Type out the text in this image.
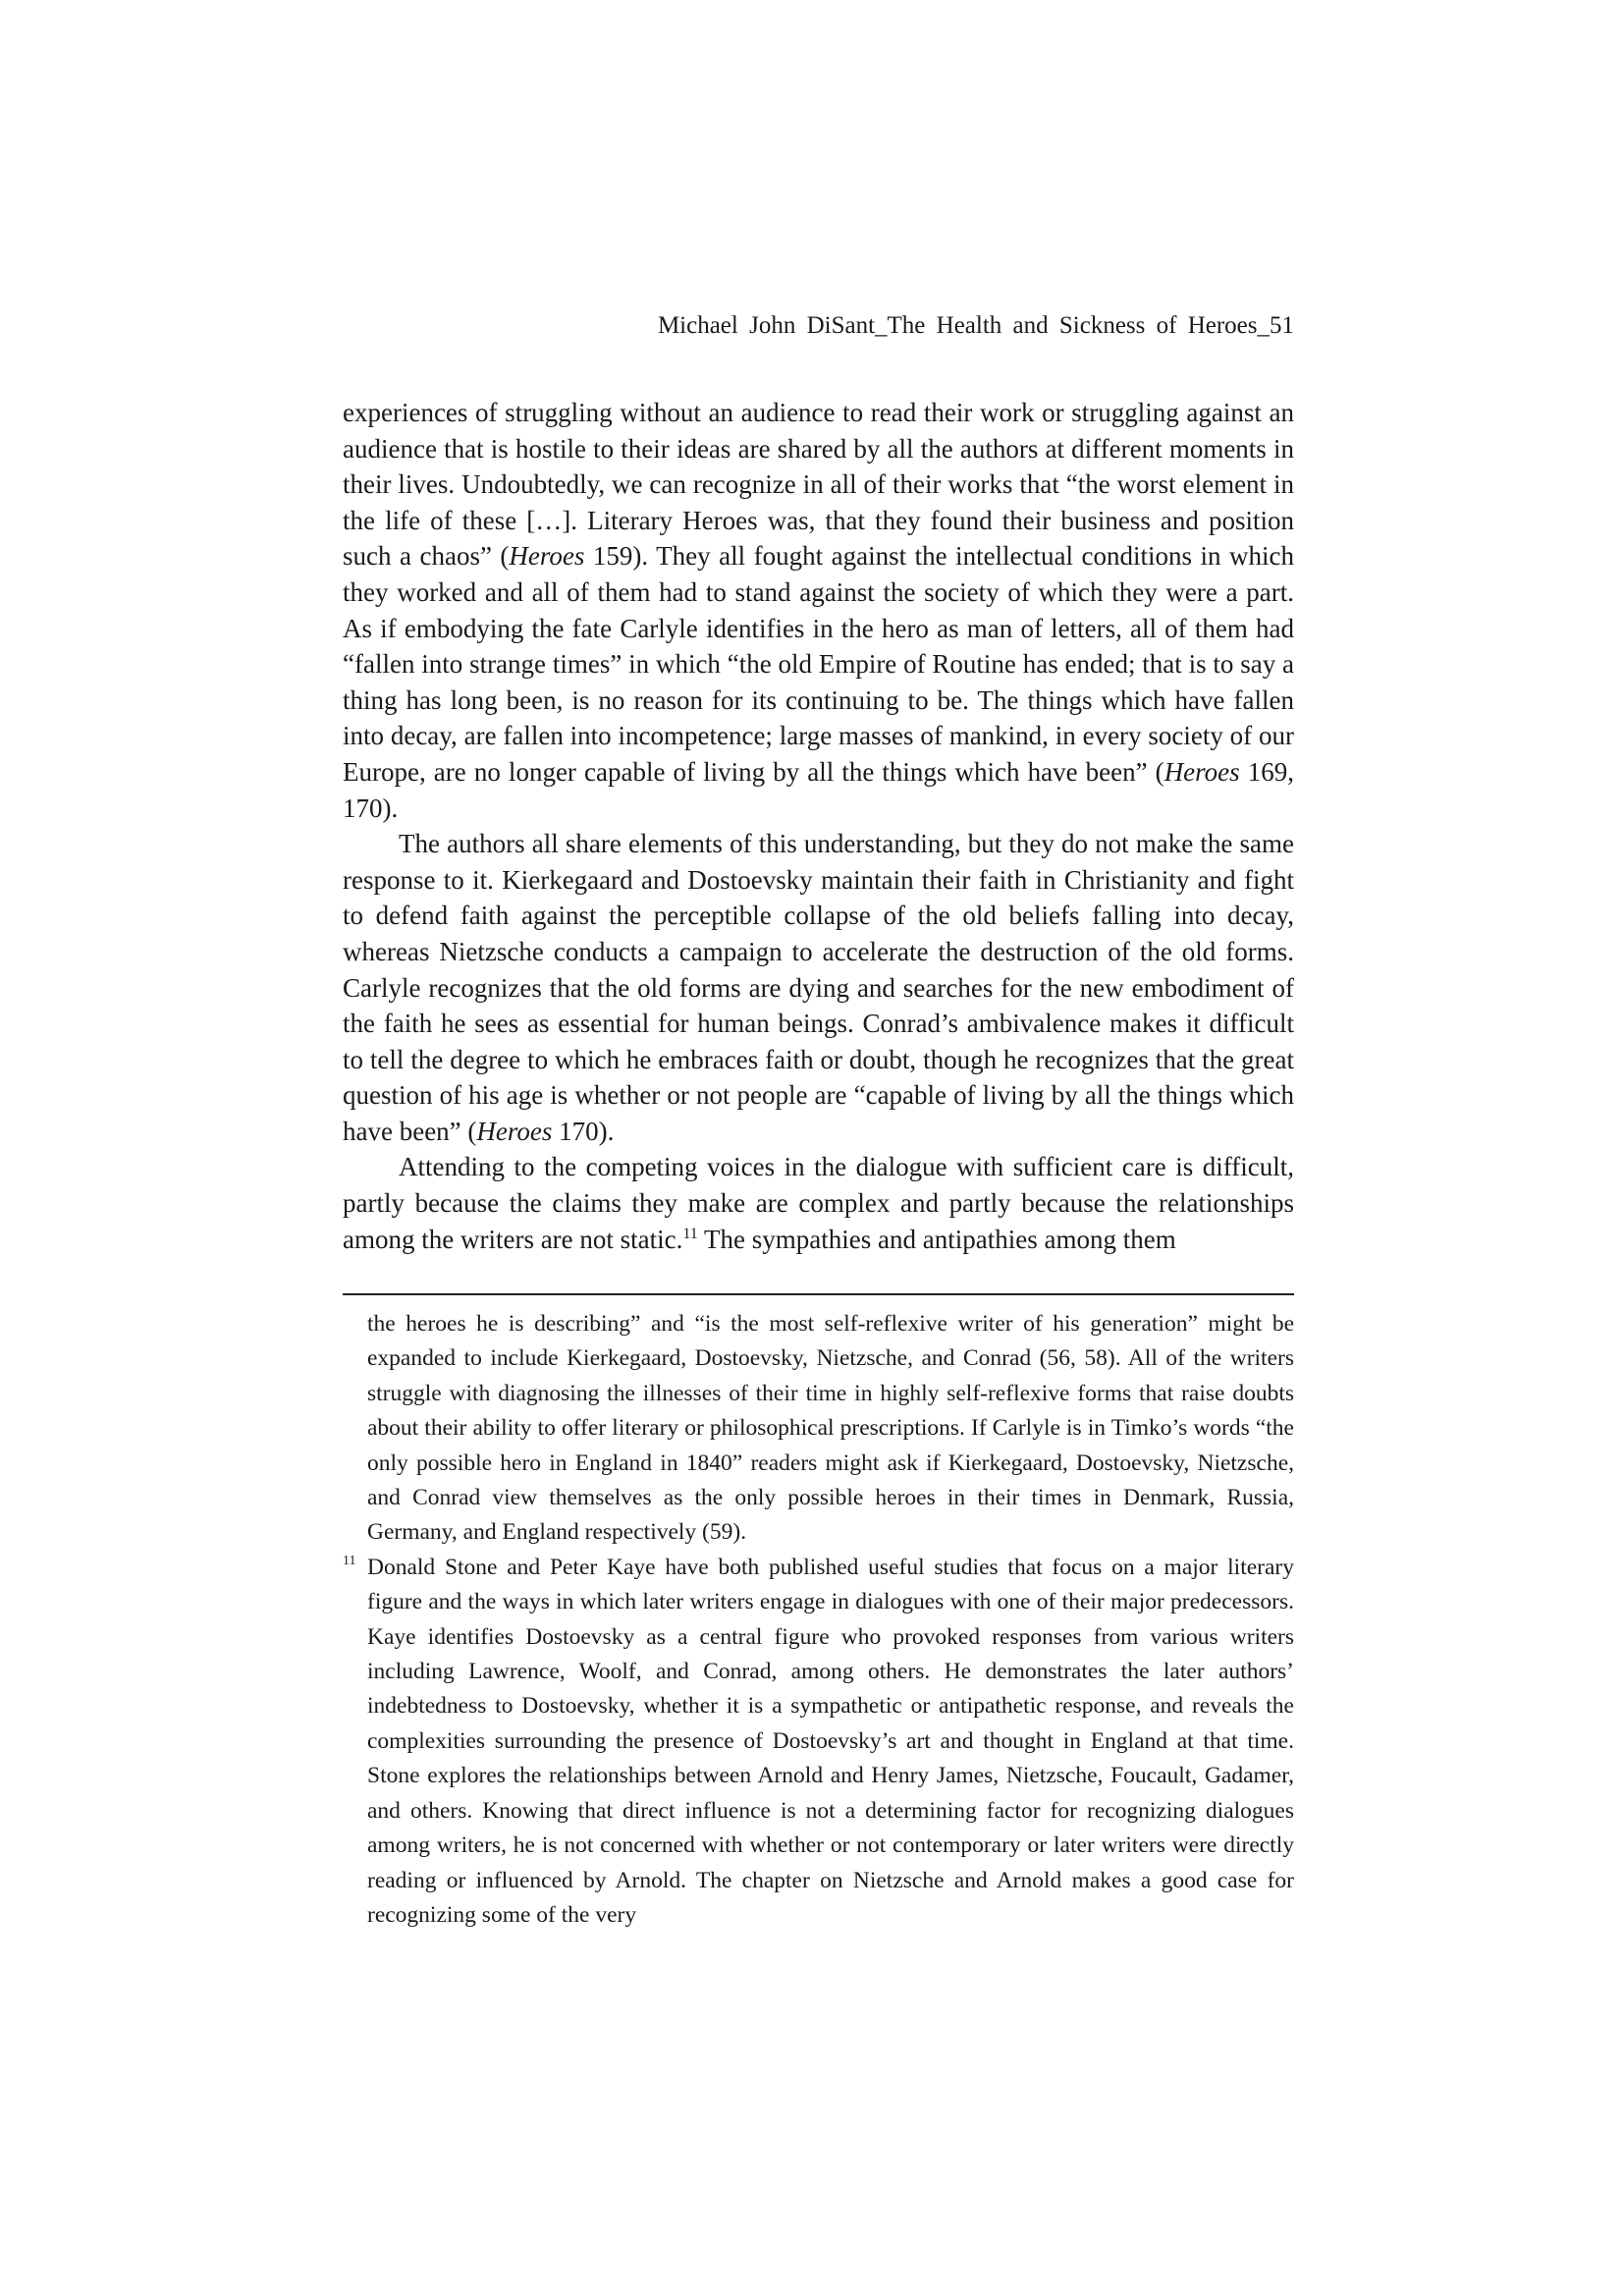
Michael John DiSant_The Health and Sickness of Heroes_51

experiences of struggling without an audience to read their work or struggling against an audience that is hostile to their ideas are shared by all the authors at different moments in their lives. Undoubtedly, we can recognize in all of their works that “the worst element in the life of these […]. Literary Heroes was, that they found their business and position such a chaos” (Heroes 159). They all fought against the intellectual conditions in which they worked and all of them had to stand against the society of which they were a part. As if embodying the fate Carlyle identifies in the hero as man of letters, all of them had “fallen into strange times” in which “the old Empire of Routine has ended; that is to say a thing has long been, is no reason for its continuing to be. The things which have fallen into decay, are fallen into incompetence; large masses of mankind, in every society of our Europe, are no longer capable of living by all the things which have been” (Heroes 169, 170).

The authors all share elements of this understanding, but they do not make the same response to it. Kierkegaard and Dostoevsky maintain their faith in Christianity and fight to defend faith against the perceptible collapse of the old beliefs falling into decay, whereas Nietzsche conducts a campaign to accelerate the destruction of the old forms. Carlyle recognizes that the old forms are dying and searches for the new embodiment of the faith he sees as essential for human beings. Conrad’s ambivalence makes it difficult to tell the degree to which he embraces faith or doubt, though he recognizes that the great question of his age is whether or not people are “capable of living by all the things which have been” (Heroes 170).

Attending to the competing voices in the dialogue with sufficient care is difficult, partly because the claims they make are complex and partly because the relationships among the writers are not static.$^{11}$ The sympathies and antipathies among them

the heroes he is describing” and “is the most self-reflexive writer of his generation” might be expanded to include Kierkegaard, Dostoevsky, Nietzsche, and Conrad (56, 58). All of the writers struggle with diagnosing the illnesses of their time in highly self-reflexive forms that raise doubts about their ability to offer literary or philosophical prescriptions. If Carlyle is in Timko’s words “the only possible hero in England in 1840” readers might ask if Kierkegaard, Dostoevsky, Nietzsche, and Conrad view themselves as the only possible heroes in their times in Denmark, Russia, Germany, and England respectively (59).

11 Donald Stone and Peter Kaye have both published useful studies that focus on a major literary figure and the ways in which later writers engage in dialogues with one of their major predecessors. Kaye identifies Dostoevsky as a central figure who provoked responses from various writers including Lawrence, Woolf, and Conrad, among others. He demonstrates the later authors’ indebtedness to Dostoevsky, whether it is a sympathetic or antipathetic response, and reveals the complexities surrounding the presence of Dostoevsky’s art and thought in England at that time. Stone explores the relationships between Arnold and Henry James, Nietzsche, Foucault, Gadamer, and others. Knowing that direct influence is not a determining factor for recognizing dialogues among writers, he is not concerned with whether or not contemporary or later writers were directly reading or influenced by Arnold. The chapter on Nietzsche and Arnold makes a good case for recognizing some of the very
